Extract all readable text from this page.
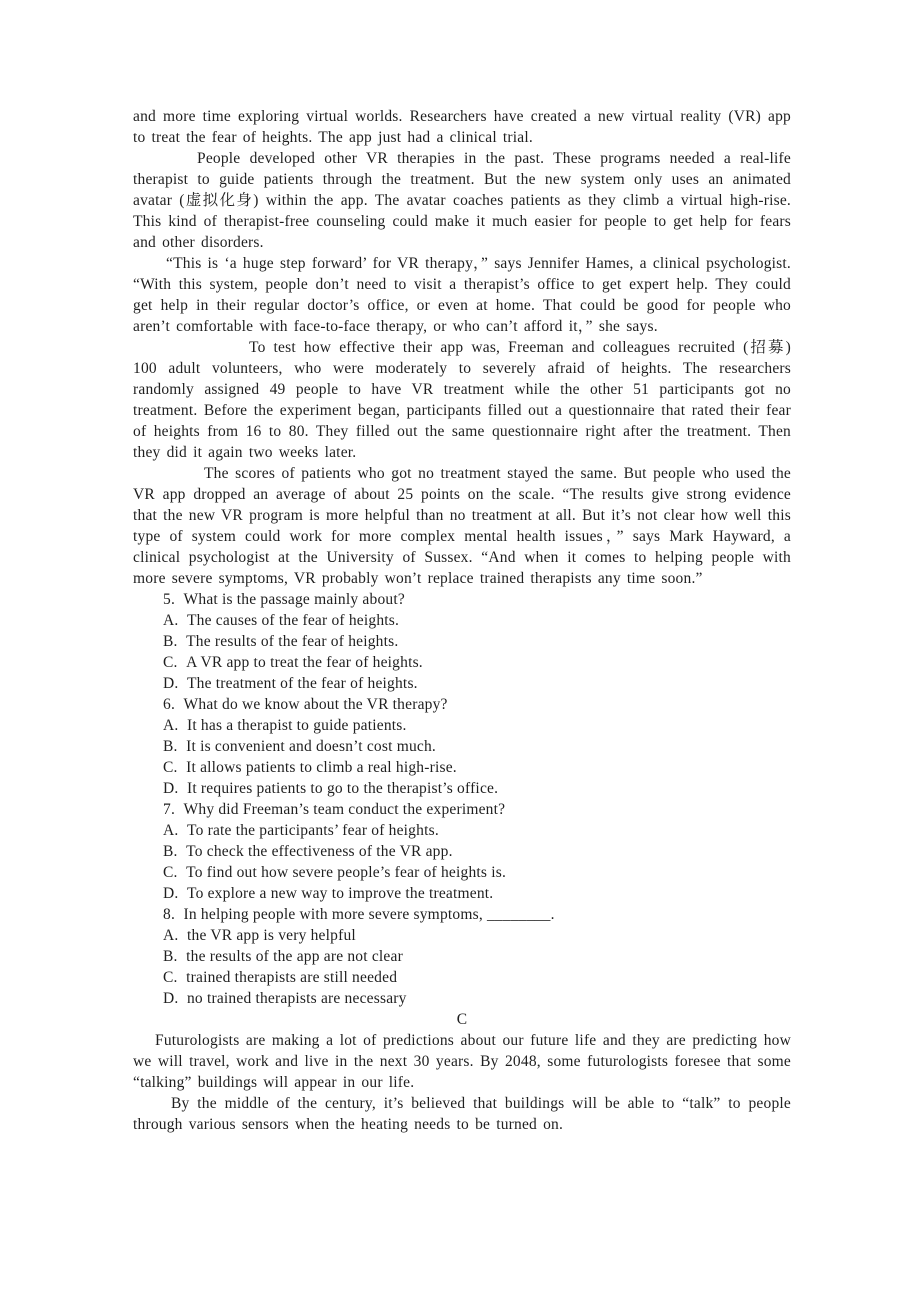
and more time exploring virtual worlds. Researchers have created a new virtual reality (VR) app to treat the fear of heights. The app just had a clinical trial.

People developed other VR therapies in the past. These programs needed a real-life therapist to guide patients through the treatment. But the new system only uses an animated avatar (虚拟化身) within the app. The avatar coaches patients as they climb a virtual high-rise. This kind of therapist-free counseling could make it much easier for people to get help for fears and other disorders.

“This is ‘a huge step forward’ for VR therapy，” says Jennifer Hames, a clinical psychologist. “With this system, people don’t need to visit a therapist’s office to get expert help. They could get help in their regular doctor’s office, or even at home. That could be good for people who aren’t comfortable with face-to-face therapy, or who can’t afford it，” she says.

To test how effective their app was, Freeman and colleagues recruited (招募) 100 adult volunteers, who were moderately to severely afraid of heights. The researchers randomly assigned 49 people to have VR treatment while the other 51 participants got no treatment. Before the experiment began, participants filled out a questionnaire that rated their fear of heights from 16 to 80. They filled out the same questionnaire right after the treatment. Then they did it again two weeks later.

The scores of patients who got no treatment stayed the same. But people who used the VR app dropped an average of about 25 points on the scale. “The results give strong evidence that the new VR program is more helpful than no treatment at all. But it’s not clear how well this type of system could work for more complex mental health issues，” says Mark Hayward, a clinical psychologist at the University of Sussex. “And when it comes to helping people with more severe symptoms, VR probably won’t replace trained therapists any time soon.”

5. What is the passage mainly about?

A. The causes of the fear of heights.

B. The results of the fear of heights.

C. A VR app to treat the fear of heights.

D. The treatment of the fear of heights.

6. What do we know about the VR therapy?

A. It has a therapist to guide patients.

B. It is convenient and doesn’t cost much.

C. It allows patients to climb a real high-rise.

D. It requires patients to go to the therapist’s office.

7. Why did Freeman’s team conduct the experiment?

A. To rate the participants’ fear of heights.

B. To check the effectiveness of the VR app.

C. To find out how severe people’s fear of heights is.

D. To explore a new way to improve the treatment.

8. In helping people with more severe symptoms, ________.

A. the VR app is very helpful

B. the results of the app are not clear

C. trained therapists are still needed

D. no trained therapists are necessary

C

Futurologists are making a lot of predictions about our future life and they are predicting how we will travel, work and live in the next 30 years. By 2048, some futurologists foresee that some “talking” buildings will appear in our life.

By the middle of the century, it’s believed that buildings will be able to “talk” to people through various sensors when the heating needs to be turned on.
